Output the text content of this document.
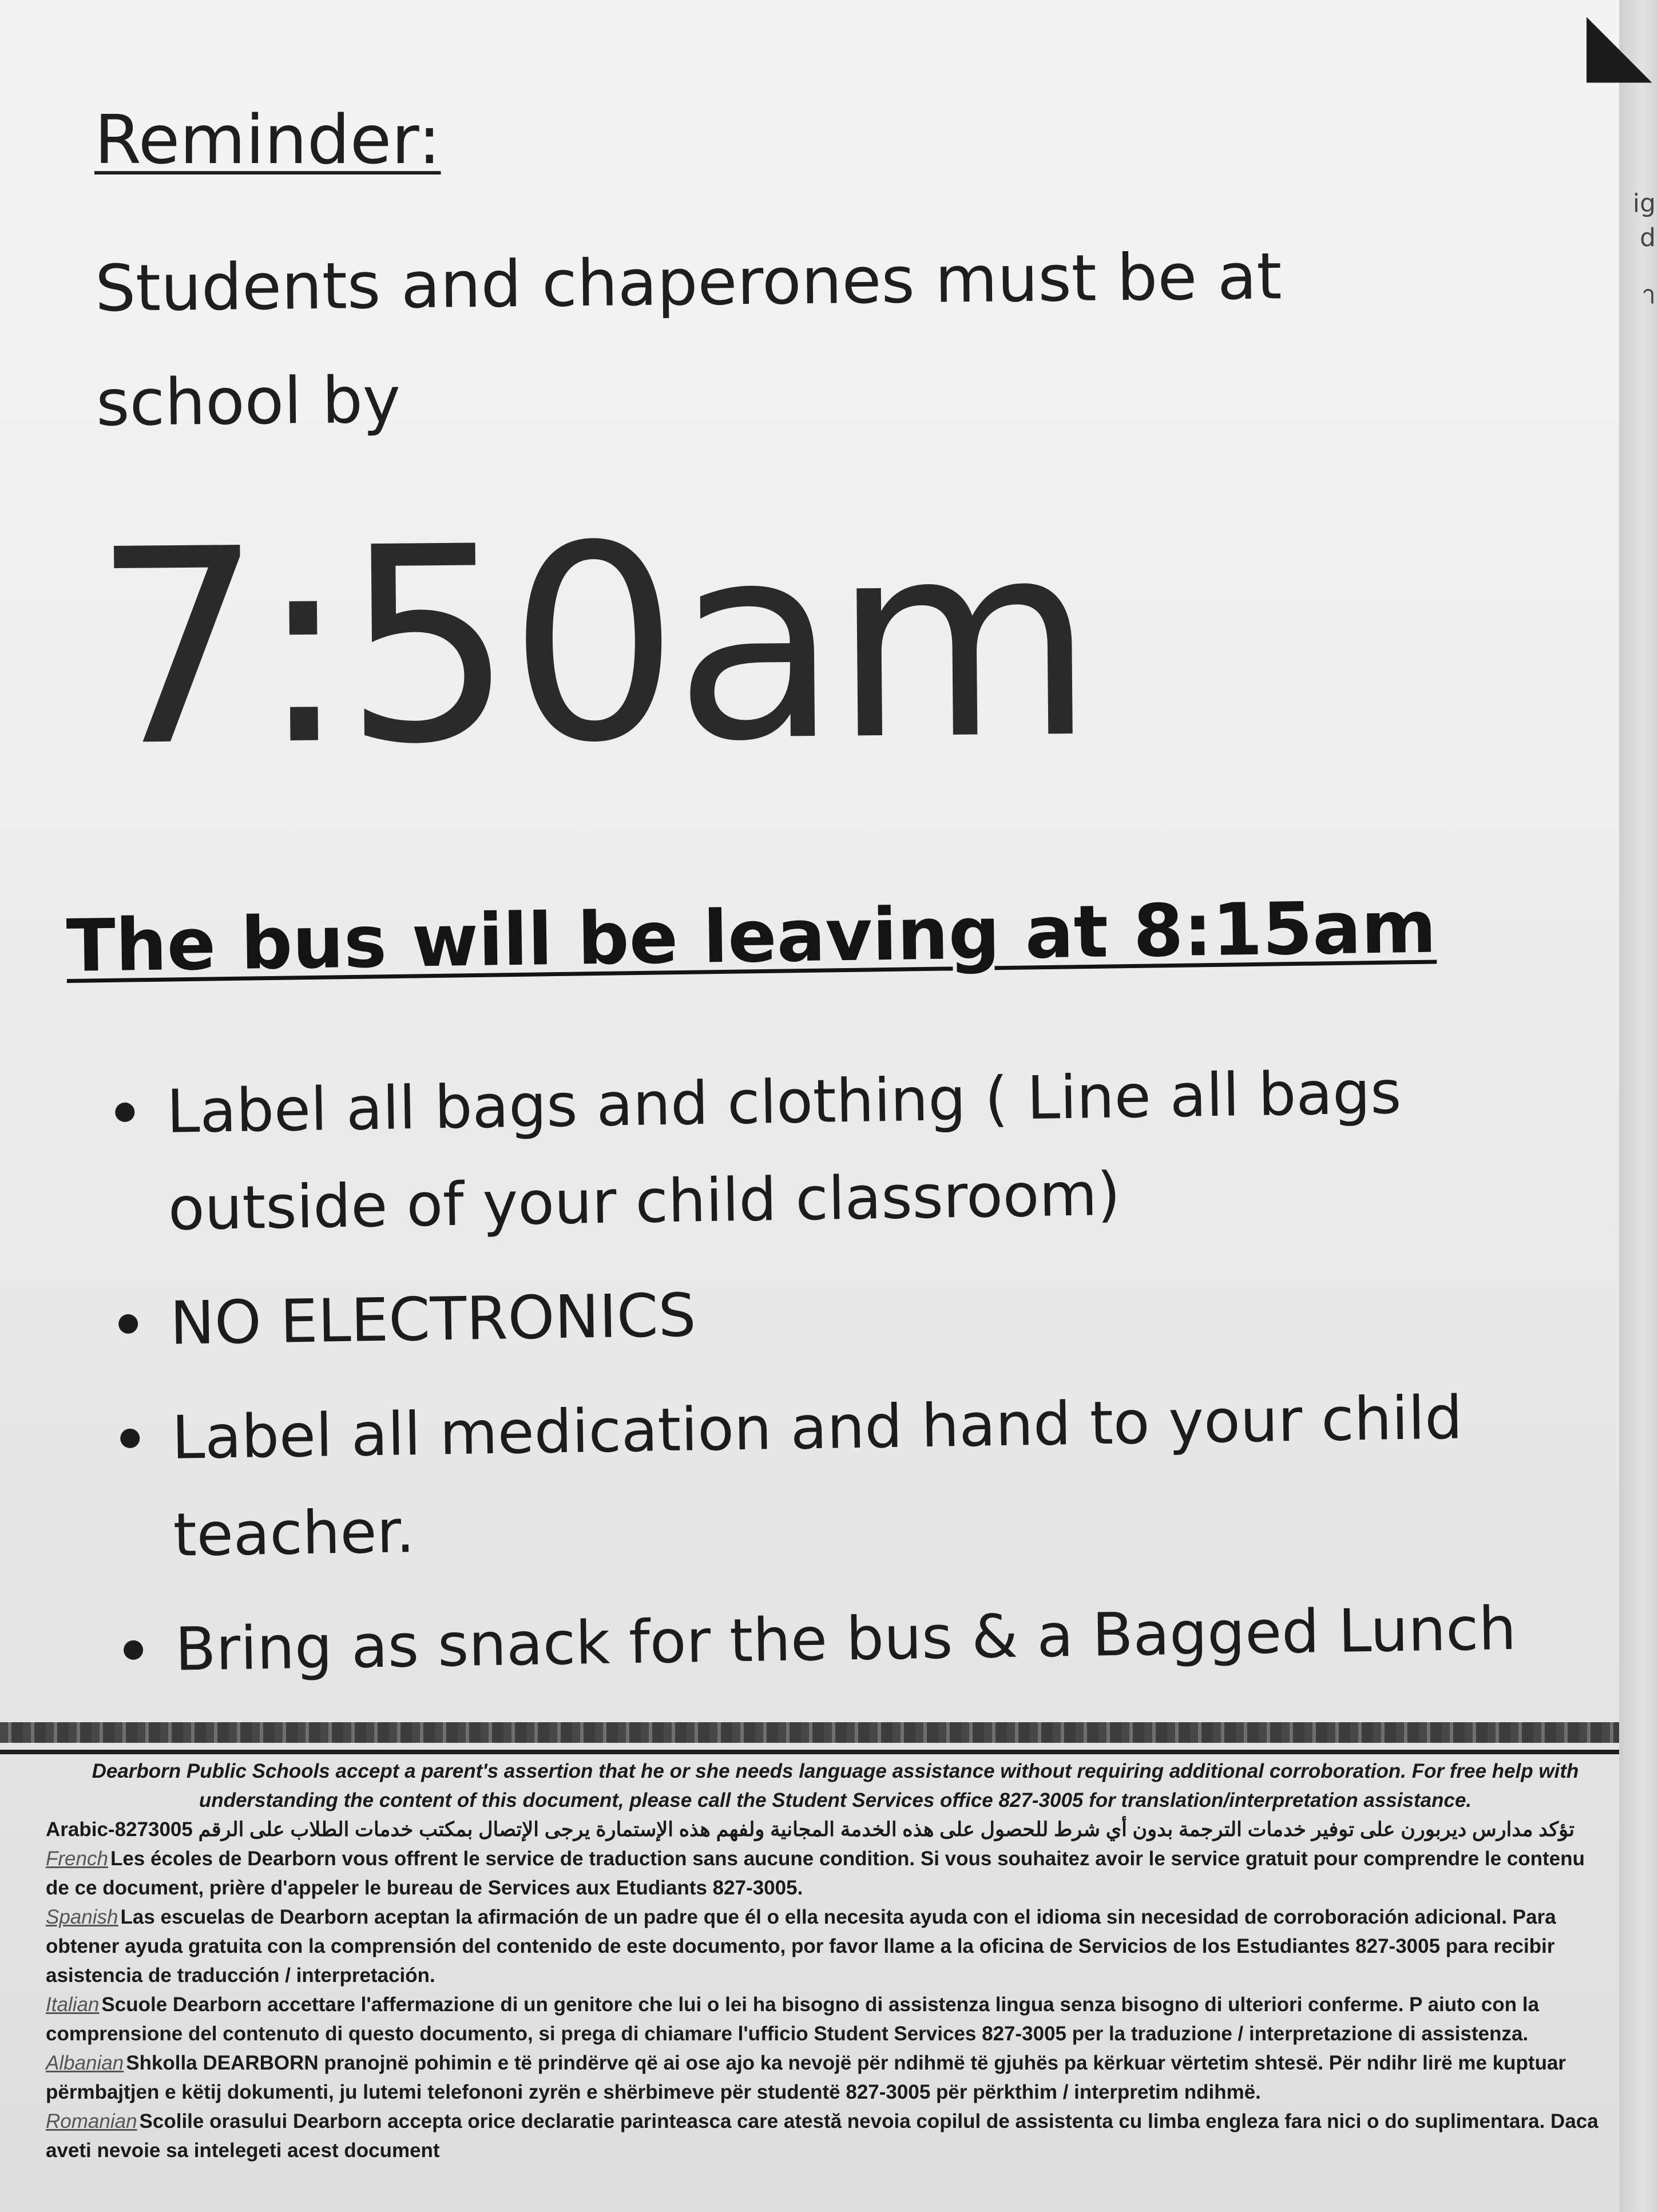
Reminder:
Students and chaperones must be at school by
7:50am
The bus will be leaving at 8:15am
Label all bags and clothing ( Line all bags outside of your child classroom)
NO ELECTRONICS
Label all medication and hand to your child teacher.
Bring as snack for the bus & a Bagged Lunch

Dearborn Public Schools accept a parent's assertion that he or she needs language assistance without requiring additional corroboration. For free help with understanding the content of this document, please call the Student Services office 827-3005 for translation/interpretation assistance.

Arabic-8273005 تؤكد مدارس ديربورن على توفير خدمات الترجمة بدون أي شرط للحصول على هذه الخدمة المجانية ولفهم هذه الإستمارة يرجى الإتصال بمكتب خدمات الطلاب على الرقم

French Les écoles de Dearborn vous offrent le service de traduction sans aucune condition. Si vous souhaitez avoir le service gratuit pour comprendre le contenu de ce document, prière d'appeler le bureau de Services aux Etudiants 827-3005.

Spanish Las escuelas de Dearborn aceptan la afirmación de un padre que él o ella necesita ayuda con el idioma sin necesidad de corroboración adicional. Para obtener ayuda gratuita con la comprensión del contenido de este documento, por favor llame a la oficina de Servicios de los Estudiantes 827-3005 para recibir asistencia de traducción / interpretación.

Italian Scuole Dearborn accettare l'affermazione di un genitore che lui o lei ha bisogno di assistenza lingua senza bisogno di ulteriori conferme. P aiuto con la comprensione del contenuto di questo documento, si prega di chiamare l'ufficio Student Services 827-3005 per la traduzione / interpretazione di assistenza.

Albanian Shkolla DEARBORN pranojnë pohimin e të prindërve që ai ose ajo ka nevojë për ndihmë të gjuhës pa kërkuar vërtetim shtesë. Për ndihr lirë me kuptuar përmbajtjen e këtij dokumenti, ju lutemi telefononi zyrën e shërbimeve për studentë 827-3005 për përkthim / interpretim ndihmë.

Romanian Scolile orasului Dearborn accepta orice declaratie parinteasca care atestă nevoia copilul de assistenta cu limba engleza fara nici o do suplimentara. Daca aveti nevoie sa intelegeti acest document

◣
ig
d
า
